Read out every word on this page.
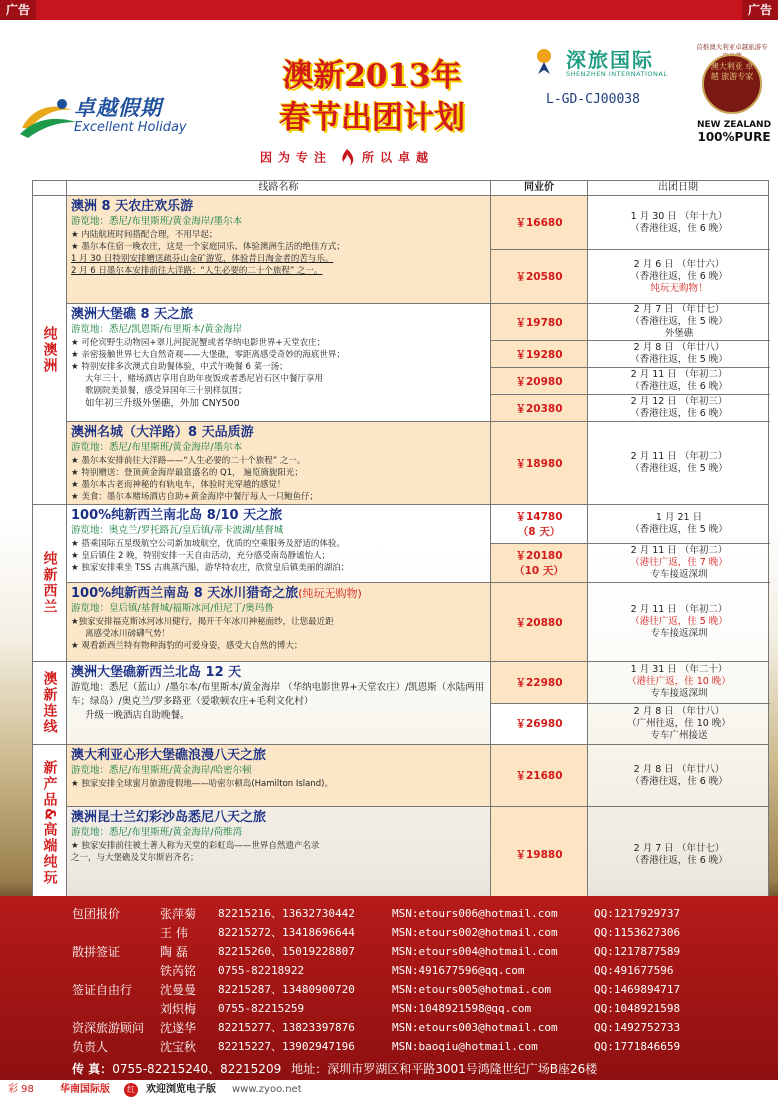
广告	广告
卓越假期
Excellent Holiday
澳新2013年
春节出团计划
因为专注	所以卓越
深旅国际
SHENZHEN INTERNATIONAL
L-GD-CJ00038
首推澳大利亚卓越旅游专
澳大利亚 卓越 旅游专家
NEW ZEALAND
100%PURE
线路名称	同业价	出团日期
纯澳洲
澳洲 8 天农庄欢乐游
游览地：悉尼/布里斯班/黄金海岸/墨尔本
★ 内陆航班时间搭配合理，不用早起；
★ 墨尔本住宿一晚农庄，这是一个家庭同乐、体验澳洲生活的绝佳方式；
1 月 30 日特别安排赠送疏芬山金矿游览，体验昔日淘金者的苦与乐。
2 月 6 日墨尔本安排前往大洋路：“人生必要的二十个旅程” 之一。
￥16680
1 月 30 日 （年十九）
（香港往返，住 6 晚）
￥20580
2 月 6 日 （年廿六）
（香港往返，住 6 晚）
纯玩无购物！
澳洲大堡礁 8 天之旅
游览地：悉尼/凯恩斯/布里斯本/黄金海岸
★ 可伦宾野生动物园+翠儿河捉泥蟹或者华纳电影世界+天堂农庄；
★ 亲密接触世界七大自然奇观——大堡礁，零距离感受奇妙的海底世界；
★ 特别安排多次澳式自助餐体验，中式午晚餐 6 菜一汤；
大年三十，赌场酒店享用自助年夜饭或者悉尼岩石区中餐厅享用
歌剧院美景餐，感受异国年三十别样氛围；
如年初三升级外堡礁，外加 CNY500
￥19780
2 月 7 日 （年廿七）
（香港往返，住 5 晚）
外堡礁
￥19280
2 月 8 日 （年廿八）
（香港往返，住 5 晚）
￥20980
2 月 11 日 （年初二）
（香港往返，住 6 晚）
￥20380
2 月 12 日 （年初三）
（香港往返，住 6 晚）
澳洲名城（大洋路）8 天品质游
游览地：悉尼/布里斯班/黄金海岸/墨尔本
★ 墨尔本安排前往大洋路——“人生必要的二十个旅程” 之一。
★ 特别赠送：登顶黄金海岸最富盛名的 Q1， 遍览旖旎阳光；
★ 墨尔本古老而神秘的有轨电车，体验时光穿越的感觉！
★ 美食：墨尔本赌场酒店自助+黄金海岸中餐厅每人一只鲍鱼仔；
￥18980
2 月 11 日 （年初二）
（香港往返，住 5 晚）
纯新西兰
100%纯新西兰南北岛 8/10 天之旅
游览地：奥克兰/罗托路瓦/皇后镇/蒂卡波湖/基督城
★ 搭乘国际五星级航空公司新加坡航空，优质的空乘服务及舒适的体验。
★ 皇后镇住 2 晚，特别安排一天自由活动，充分感受南岛静谧怡人；
★ 独家安排乘坐 TSS 古典蒸汽船，游华特农庄，欣赏皇后镇美丽的湖泊；
￥14780
（8 天）
1 月 21 日
（香港往返，住 5 晚）
￥20180
（10 天）
2 月 11 日 （年初二）
（港往广返，住 7 晚）
专车接返深圳
100%纯新西兰南岛 8 天冰川猎奇之旅(纯玩无购物)
游览地：皇后镇/基督城/福斯冰河/但尼丁/奥玛鲁
★独家安排福克斯冰河冰川健行，揭开千年冰川神秘面纱，让您最近距
离感受冰川磅礴气势！
★ 观看新西兰特有物种海豹的可爱身姿，感受大自然的博大；
￥20880
2 月 11 日 （年初二）
（港往广返，住 5 晚）
专车接返深圳
澳新连线	澳洲大堡礁新西兰北岛 12 天
游览地：悉尼（蓝山）/墨尔本/布里斯本/黄金海岸 （华纳电影世界+天堂农庄）/凯恩斯（水陆两用车；绿岛）/奥克兰/罗多路亚（爱歌顿农庄+毛利文化村）
升级一晚酒店自助晚餐。
￥22980
1 月 31 日 （年二十）
（港往广返，住 10 晚）
专车接返深圳
￥26980
2 月 8 日 （年廿八）
（广州往返，住 10 晚）
专车广州接送
新产品&高端纯玩
澳大利亚心形大堡礁浪漫八天之旅
游览地：悉尼/布里斯班/黄金海岸/哈密尔顿
★ 独家安排全球蜜月旅游度假地——哈密尔顿岛(Hamilton Island)。
￥21680
2 月 8 日 （年廿八）
（香港往返，住 6 晚）
澳洲昆士兰幻彩沙岛悉尼八天之旅
游览地：悉尼/布里斯班/黄金海岸/荷维湾
★ 独家安排前往被土著人称为天堂的彩虹岛——世界自然遗产名录
之一，与大堡礁及艾尔斯岩齐名；	￥19880
2 月 7 日 （年廿七）
（香港往返，住 6 晚）
包团报价	张萍菊	82215216、13632730442	MSN:etours006@hotmail.com	QQ:1217929737
王 伟	82215272、13418696644	MSN:etours002@hotmail.com	QQ:1153627306
散拼签证	陶 磊	82215260、15019228807	MSN:etours004@hotmail.com	QQ:1217877589
铁芮铭	0755-82218922	MSN:491677596@qq.com	QQ:491677596
签证自由行	沈曼曼	82215287、13480900720	MSN:etours005@hotmai.com	QQ:1469894717
刘炽梅	0755-82215259	MSN:1048921598@qq.com	QQ:1048921598
资深旅游顾问	沈遂华	82215277、13823397876	MSN:etours003@hotmail.com	QQ:1492752733
负责人	沈宝秋	82215227、13902947196	MSN:baoqiu@hotmail.com	QQ:1771846659
传 真：0755-82215240、82215209 地址：深圳市罗湖区和平路3001号鸿隆世纪广场B座26楼
彩 98	华南国际版	红	欢迎浏览电子版 www.zyoo.net
